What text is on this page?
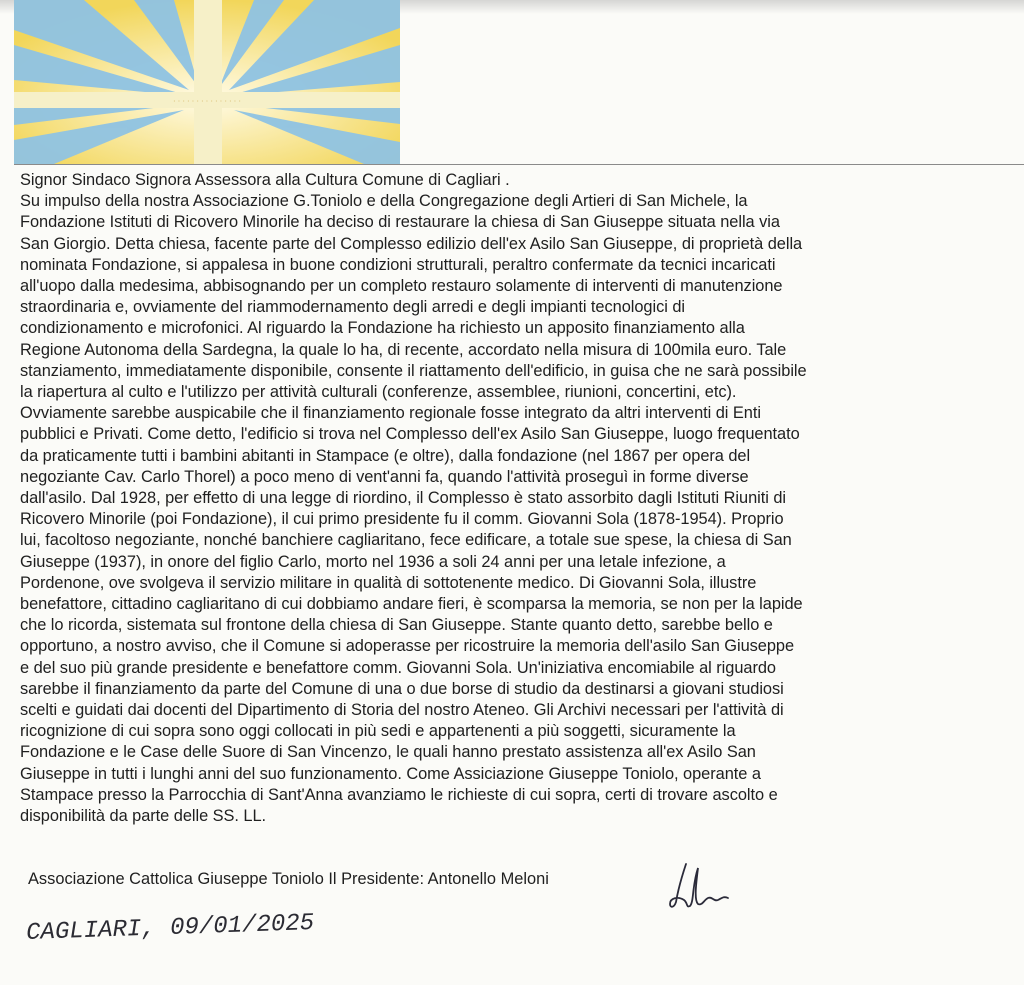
· · · · · · · · · · · · · · ·

Signor Sindaco Signora Assessora alla Cultura Comune di Cagliari .

Su impulso della nostra Associazione G.Toniolo e della Congregazione degli Artieri di San Michele, la

Fondazione Istituti di Ricovero Minorile ha deciso di restaurare la chiesa di San Giuseppe situata nella via

San Giorgio. Detta chiesa, facente parte del Complesso edilizio dell'ex Asilo San Giuseppe, di proprietà della

nominata Fondazione, si appalesa in buone condizioni strutturali, peraltro confermate da tecnici incaricati

all'uopo dalla medesima, abbisognando per un completo restauro solamente di interventi di manutenzione

straordinaria e, ovviamente del riammodernamento degli arredi e degli impianti tecnologici di

condizionamento e microfonici. Al riguardo la Fondazione ha richiesto un apposito finanziamento alla

Regione Autonoma della Sardegna, la quale lo ha, di recente, accordato nella misura di 100mila euro. Tale

stanziamento, immediatamente disponibile, consente il riattamento dell'edificio, in guisa che ne sarà possibile

la riapertura al culto e l'utilizzo per attività culturali (conferenze, assemblee, riunioni, concertini, etc).

Ovviamente sarebbe auspicabile che il finanziamento regionale fosse integrato da altri interventi di Enti

pubblici e Privati. Come detto, l'edificio si trova nel Complesso dell'ex Asilo San Giuseppe, luogo frequentato

da praticamente tutti i bambini abitanti in Stampace (e oltre), dalla fondazione (nel 1867 per opera del

negoziante Cav. Carlo Thorel) a poco meno di vent'anni fa, quando l'attività proseguì in forme diverse

dall'asilo. Dal 1928, per effetto di una legge di riordino, il Complesso è stato assorbito dagli Istituti Riuniti di

Ricovero Minorile (poi Fondazione), il cui primo presidente fu il comm. Giovanni Sola (1878-1954). Proprio

lui, facoltoso negoziante, nonché banchiere cagliaritano, fece edificare, a totale sue spese, la chiesa di San

Giuseppe (1937), in onore del figlio Carlo, morto nel 1936 a soli 24 anni per una letale infezione, a

Pordenone, ove svolgeva il servizio militare in qualità di sottotenente medico. Di Giovanni Sola, illustre

benefattore, cittadino cagliaritano di cui dobbiamo andare fieri, è scomparsa la memoria, se non per la lapide

che lo ricorda, sistemata sul frontone della chiesa di San Giuseppe. Stante quanto detto, sarebbe bello e

opportuno, a nostro avviso, che il Comune si adoperasse per ricostruire la memoria dell'asilo San Giuseppe

e del suo più grande presidente e benefattore comm. Giovanni Sola. Un'iniziativa encomiabile al riguardo

sarebbe il finanziamento da parte del Comune di una o due borse di studio da destinarsi a giovani studiosi

scelti e guidati dai docenti del Dipartimento di Storia del nostro Ateneo. Gli Archivi necessari per l'attività di

ricognizione di cui sopra sono oggi collocati in più sedi e appartenenti a più soggetti, sicuramente la

Fondazione e le Case delle Suore di San Vincenzo, le quali hanno prestato assistenza all'ex Asilo San

Giuseppe in tutti i lunghi anni del suo funzionamento. Come Assiciazione Giuseppe Toniolo, operante a

Stampace presso la Parrocchia di Sant'Anna avanziamo le richieste di cui sopra, certi di trovare ascolto e

disponibilità da parte delle SS. LL.

Associazione Cattolica Giuseppe Toniolo Il Presidente: Antonello Meloni
CAGLIARI, 09/01/2025
